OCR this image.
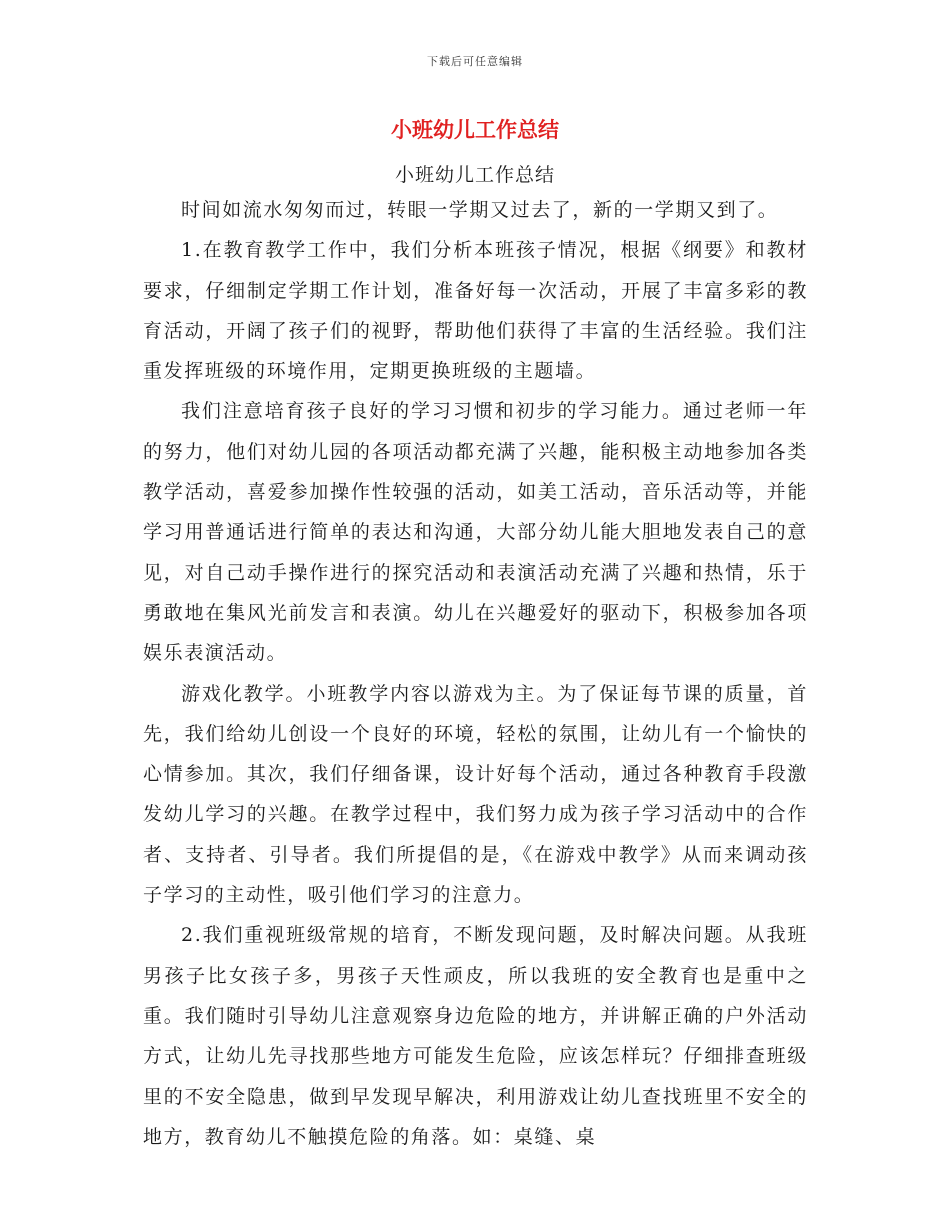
下载后可任意编辑
小班幼儿工作总结
小班幼儿工作总结

时间如流水匆匆而过，转眼一学期又过去了，新的一学期又到了。

1.在教育教学工作中，我们分析本班孩子情况，根据《纲要》和教材要求，仔细制定学期工作计划，准备好每一次活动，开展了丰富多彩的教育活动，开阔了孩子们的视野，帮助他们获得了丰富的生活经验。我们注重发挥班级的环境作用，定期更换班级的主题墙。

我们注意培育孩子良好的学习习惯和初步的学习能力。通过老师一年的努力，他们对幼儿园的各项活动都充满了兴趣，能积极主动地参加各类教学活动，喜爱参加操作性较强的活动，如美工活动，音乐活动等，并能学习用普通话进行简单的表达和沟通，大部分幼儿能大胆地发表自己的意见，对自己动手操作进行的探究活动和表演活动充满了兴趣和热情，乐于勇敢地在集风光前发言和表演。幼儿在兴趣爱好的驱动下，积极参加各项娱乐表演活动。

游戏化教学。小班教学内容以游戏为主。为了保证每节课的质量，首先，我们给幼儿创设一个良好的环境，轻松的氛围，让幼儿有一个愉快的心情参加。其次，我们仔细备课，设计好每个活动，通过各种教育手段激发幼儿学习的兴趣。在教学过程中，我们努力成为孩子学习活动中的合作者、支持者、引导者。我们所提倡的是，《在游戏中教学》从而来调动孩子学习的主动性，吸引他们学习的注意力。

2.我们重视班级常规的培育，不断发现问题，及时解决问题。从我班男孩子比女孩子多，男孩子天性顽皮，所以我班的安全教育也是重中之重。我们随时引导幼儿注意观察身边危险的地方，并讲解正确的户外活动方式，让幼儿先寻找那些地方可能发生危险，应该怎样玩？仔细排查班级里的不安全隐患，做到早发现早解决，利用游戏让幼儿查找班里不安全的地方，教育幼儿不触摸危险的角落。如：桌缝、桌
